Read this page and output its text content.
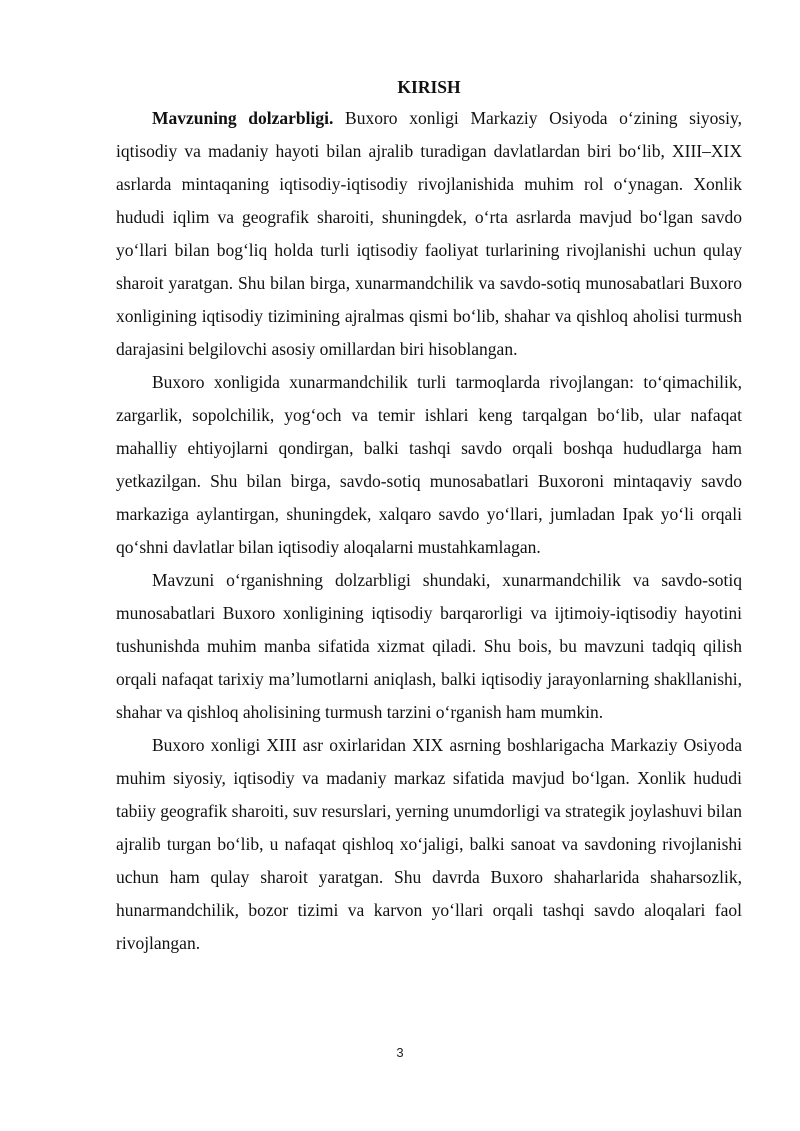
KIRISH

Mavzuning dolzarbligi. Buxoro xonligi Markaziy Osiyoda o‘zining siyosiy, iqtisodiy va madaniy hayoti bilan ajralib turadigan davlatlardan biri bo‘lib, XIII–XIX asrlarda mintaqaning iqtisodiy-iqtisodiy rivojlanishida muhim rol o‘ynagan. Xonlik hududi iqlim va geografik sharoiti, shuningdek, o‘rta asrlarda mavjud bo‘lgan savdo yo‘llari bilan bog‘liq holda turli iqtisodiy faoliyat turlarining rivojlanishi uchun qulay sharoit yaratgan. Shu bilan birga, xunarmandchilik va savdo-sotiq munosabatlari Buxoro xonligining iqtisodiy tizimining ajralmas qismi bo‘lib, shahar va qishloq aholisi turmush darajasini belgilovchi asosiy omillardan biri hisoblangan.

Buxoro xonligida xunarmandchilik turli tarmoqlarda rivojlangan: to‘qimachilik, zargarlik, sopolchilik, yog‘och va temir ishlari keng tarqalgan bo‘lib, ular nafaqat mahalliy ehtiyojlarni qondirgan, balki tashqi savdo orqali boshqa hududlarga ham yetkazilgan. Shu bilan birga, savdo-sotiq munosabatlari Buxoroni mintaqaviy savdo markaziga aylantirgan, shuningdek, xalqaro savdo yo‘llari, jumladan Ipak yo‘li orqali qo‘shni davlatlar bilan iqtisodiy aloqalarni mustahkamlagan.

Mavzuni o‘rganishning dolzarbligi shundaki, xunarmandchilik va savdo-sotiq munosabatlari Buxoro xonligining iqtisodiy barqarorligi va ijtimoiy-iqtisodiy hayotini tushunishda muhim manba sifatida xizmat qiladi. Shu bois, bu mavzuni tadqiq qilish orqali nafaqat tarixiy ma’lumotlarni aniqlash, balki iqtisodiy jarayonlarning shakllanishi, shahar va qishloq aholisining turmush tarzini o‘rganish ham mumkin.

Buxoro xonligi XIII asr oxirlaridan XIX asrning boshlarigacha Markaziy Osiyoda muhim siyosiy, iqtisodiy va madaniy markaz sifatida mavjud bo‘lgan. Xonlik hududi tabiiy geografik sharoiti, suv resurslari, yerning unumdorligi va strategik joylashuvi bilan ajralib turgan bo‘lib, u nafaqat qishloq xo‘jaligi, balki sanoat va savdoning rivojlanishi uchun ham qulay sharoit yaratgan. Shu davrda Buxoro shaharlarida shaharsozlik, hunarmandchilik, bozor tizimi va karvon yo‘llari orqali tashqi savdo aloqalari faol rivojlangan.

3
